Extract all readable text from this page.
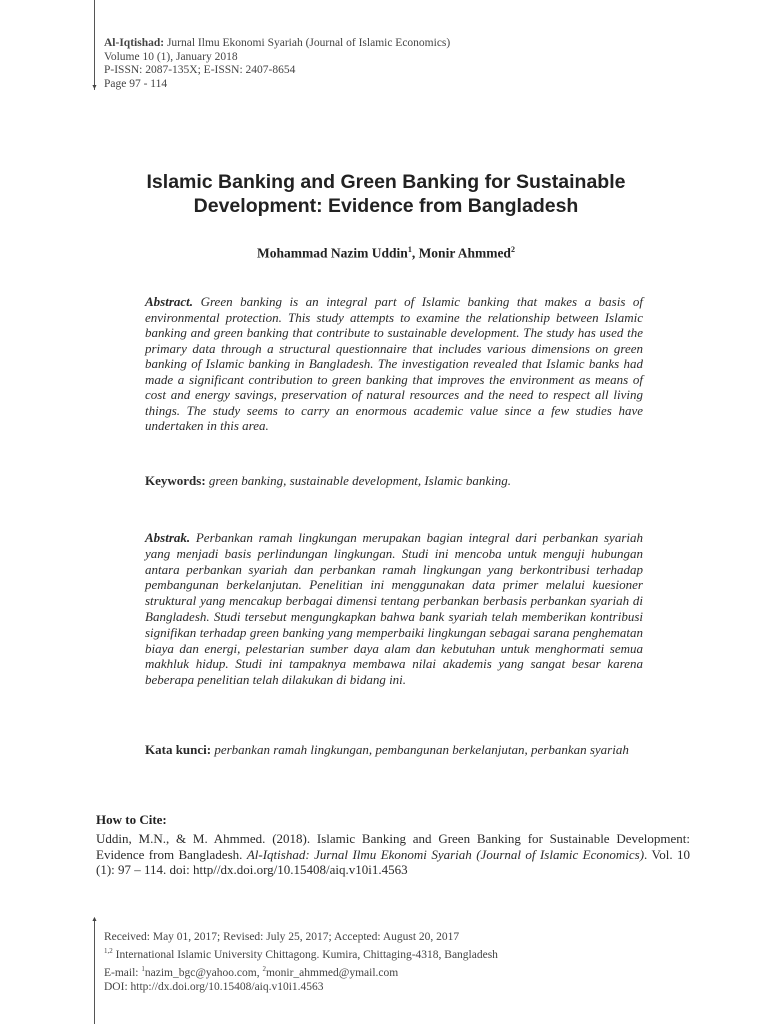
▼
▲
Al-Iqtishad: Jurnal Ilmu Ekonomi Syariah (Journal of Islamic Economics)
Volume 10 (1), January 2018
P-ISSN: 2087-135X; E-ISSN: 2407-8654
Page 97 - 114
Islamic Banking and Green Banking for Sustainable
Development: Evidence from Bangladesh
Mohammad Nazim Uddin$^1$, Monir Ahmmed$^2$
Abstract. Green banking is an integral part of Islamic banking that makes a basis of environmental protection. This study attempts to examine the relationship between Islamic banking and green banking that contribute to sustainable development. The study has used the primary data through a structural questionnaire that includes various dimensions on green banking of Islamic banking in Bangladesh. The investigation revealed that Islamic banks had made a significant contribution to green banking that improves the environment as means of cost and energy savings, preservation of natural resources and the need to respect all living things. The study seems to carry an enormous academic value since a few studies have undertaken in this area.
Keywords: green banking, sustainable development, Islamic banking.
Abstrak. Perbankan ramah lingkungan merupakan bagian integral dari perbankan syariah yang menjadi basis perlindungan lingkungan. Studi ini mencoba untuk menguji hubungan antara perbankan syariah dan perbankan ramah lingkungan yang berkontribusi terhadap pembangunan berkelanjutan. Penelitian ini menggunakan data primer melalui kuesioner struktural yang mencakup berbagai dimensi tentang perbankan berbasis perbankan syariah di Bangladesh. Studi tersebut mengungkapkan bahwa bank syariah telah memberikan kontribusi signifikan terhadap green banking yang memperbaiki lingkungan sebagai sarana penghematan biaya dan energi, pelestarian sumber daya alam dan kebutuhan untuk menghormati semua makhluk hidup. Studi ini tampaknya membawa nilai akademis yang sangat besar karena beberapa penelitian telah dilakukan di bidang ini.
Kata kunci: perbankan ramah lingkungan, pembangunan berkelanjutan, perbankan syariah
How to Cite:
Uddin, M.N., & M. Ahmmed. (2018). Islamic Banking and Green Banking for Sustainable Development: Evidence from Bangladesh. Al-Iqtishad: Jurnal Ilmu Ekonomi Syariah (Journal of Islamic Economics). Vol. 10 (1): 97 – 114. doi: http//dx.doi.org/10.15408/aiq.v10i1.4563
Received: May 01, 2017; Revised: July 25, 2017; Accepted: August 20, 2017
$^{1,2}$ International Islamic University Chittagong. Kumira, Chittaging-4318, Bangladesh
E-mail: $^1$nazim_bgc@yahoo.com, $^2$monir_ahmmed@ymail.com
DOI: http://dx.doi.org/10.15408/aiq.v10i1.4563
